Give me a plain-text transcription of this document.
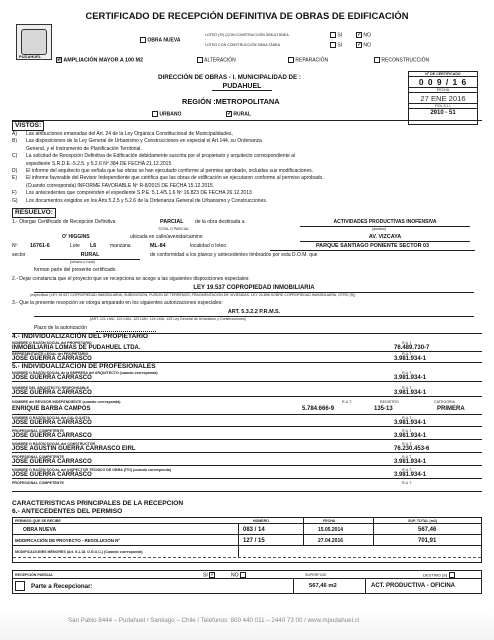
CERTIFICADO DE RECEPCIÓN DEFINITIVA DE OBRAS DE EDIFICACIÓN
PUDAHUEL
OBRA NUEVA
LOTEO (S*) (CON CONSTRUCCIÓN SIMULTÁNEA
LOTEO CON CONSTRUCCIÓN SIMULTÁNEA
SI ✓ NO
SI ✓ NO
✓ AMPLIACIÓN MAYOR A 100 M2	ALTERACIÓN	REPARACIÓN	RECONSTRUCCIÓN
DIRECCIÓN DE OBRAS - I. MUNICIPALIDAD DE :
PUDAHUEL
REGIÓN :METROPOLITANA
URBANO	✓ RURAL
Nº DE CERTIFICADO
0 0 9 / 1 6
FECHA
27 ENE 2016
ROL S.I.I.
2910 - 51
VISTOS:
A) Las atribuciones emanadas del Art. 24 de la Ley Orgánica Constitucional de Municipalidades,
B) Las disposiciones de la Ley General de Urbanismo y Construcciones en especial el Art.144, su Ordenanza
General, y el Instrumento de Planificación Territorial.
C) La solicitud de Recepción Definitiva de Edificación debidamente suscrita por el propietario y arquitecto correspondiente al
expediente S.R.D.E.-5.2.5. y 5.2.6 Nº 384 DE FECHA 21.12.2015
D) El informe del arquitecto que señala que las obras se han ejecutado conforme al permiso aprobado, incluidas sus modificaciones.
E) El informe favorable del Revisor Independiente que certifica que las obras de edificación se ejecutaron conforme al permiso aprobado.
(Cuando corresponda) INFORME FAVORABLE Nº R-8/2015 DE FECHA 15.12.2015.
F) Los antecedentes que comprenden el expediente S.P.E. 5.1.4/5.1.6 Nº 16.823 DE FECHA 26.12.2013
G) Los documentos exigidos en los Arts 5.2.5 y 5.2.6 de la Ordenanza General de Urbanismo y Construcciones.
RESUELVO:
1.- Otorgar Certificado de Recepción Definitiva	PARCIAL de la obra destinada a	ACTIVIDADES PRODUCTIVAS INOFENSIVA
TOTAL O PARCIAL	(destino)
O' HIGGINS	ubicada en calle/avenida/camino	AV. VIZCAYA
Nº 16761-6	Lote L6	manzana	ML-84	localidad o loteo	PARQUE SANTIAGO PONIENTE SECTOR 03
sector	RURAL	de conformidad a los planos y antecedentes timbrados por esta D.O.M. que
(urbano o rural)
forman parte del presente certificado.
2.- Dejar constancia que el proyecto que se recepciona se acoge a las siguientes disposiciones especiales:
LEY 19.537 COPROPIEDAD INMOBILIARIA
(especificar (LEY 19.537 COPROPIEDAD INMOBILIARIA, SUBDIVISIÓN, FUSIÓN DE TERRENOS, FRAGMENTACIÓN DE VIVIENDAS, LEY 20.898 SOBRE COPROPIEDAD INMOBILIARIA, OTRO (S))
3.- Que la presente recepción se otorga amparado en los siguientes autorizaciones especiales:
ART. 5.3.2.2 P.R.M.S.
(ART. 121 LMU, 122 LMU, 123 LMU, 124 LMU, 125 Ley General de Urbanismo y Construcciones)
Plazo de la autorización
4.- INDIVIDUALIZACIÓN DEL PROPIETARIO
NOMBRE O RAZÓN SOCIAL del PROPIETARIO	R.U.T.
INMOBILIARIA LOMAS DE PUDAHUEL LTDA.	76.489.730-7
REPRESENTANTE LEGAL del PROPIETARIO	R.U.T.
JOSE GUERRA CARRASCO	3.981.934-1
5.- INDIVIDUALIZACIÓN DE PROFESIONALES
NOMBRE O RAZÓN SOCIAL de la EMPRESA del ARQUITECTO (cuando corresponda)	R.U.T.
JOSE GUERRA CARRASCO	3.981.934-1
NOMBRE DEL ARQUITECTO RESPONSABLE	R.U.T.
JOSE GUERRA CARRASCO	3.981.934-1
NOMBRE del REVISOR INDEPENDIENTE (cuando corresponda)	R.U.T.	REGISTRO	CATEGORÍA
ENRIQUE BARBA CAMPOS	5.784.666-9	135-13	PRIMERA
NOMBRE O RAZÓN SOCIAL del CALCULISTA	R.U.T.
JOSE GUERRA CARRASCO	3.981.934-1
PROFESIONAL COMPETENTE	R.U.T.
JOSE GUERRA CARRASCO	3.981.934-1
NOMBRE O RAZÓN SOCIAL del CONSTRUCTOR	R.U.T.
JOSE AGUSTIN GUERRA CARRASCO EIRL	76.230.453-6
PROFESIONAL COMPETENTE	R.U.T.
JOSE GUERRA CARRASCO	3.981.934-1
NOMBRE O RAZÓN SOCIAL del INSPECTOR TÉCNICO DE OBRA (ITO) (cuando corresponda)	R.U.T.
JOSE GUERRA CARRASCO	3.981.934-1
PROFESIONAL COMPETENTE	R.U.T.
CARACTERISTICAS PRINCIPALES DE LA RECEPCION
6.- ANTECEDENTES DEL PERMISO
PERMISO QUE SE RECIBE	NÚMERO	FECHA	SUP. TOTAL (m2)
OBRA NUEVA	083 / 14	15.05.2014	567,46
MODIFICACIÓN DE PROYECTO - RESOLUCIÓN Nº	127 / 15	27.04.2016	701,91
MODIFICACIONES MENORES (Art. 5.1.18. O.G.U.C.) (Cuando corresponda)
RECEPCIÓN PARCIAL	SI ✓	NO	SUPERFICIE	DESTINO (S)
Parte a Recepcionar:	567,46 m2	ACT. PRODUCTIVA - OFICINA
San Pablo 8444 – Pudahuel / Santiago – Chile / Teléfonos: 800 440 011 – 2440 73 00 / www.mpudahuel.cl
